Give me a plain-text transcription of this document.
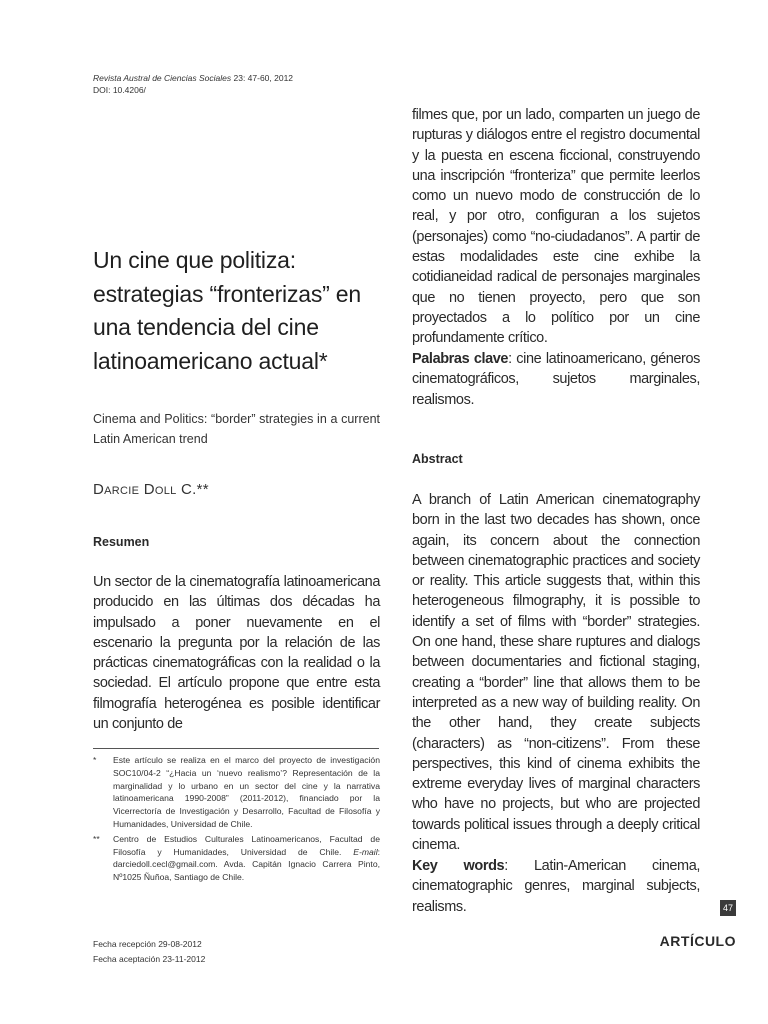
Revista Austral de Ciencias Sociales 23: 47-60, 2012
DOI: 10.4206/
Un cine que politiza: estrategias “fronterizas” en una tendencia del cine latinoamericano actual*
Cinema and Politics: “border” strategies in a current Latin American trend
Darcie Doll C.**
Resumen
Un sector de la cinematografía latinoamericana producido en las últimas dos décadas ha impulsado a poner nuevamente en el escenario la pregunta por la relación de las prácticas cinematográficas con la realidad o la sociedad. El artículo propone que entre esta filmografía heterogénea es posible identificar un conjunto de
*	Este artículo se realiza en el marco del proyecto de investigación SOC10/04-2 “¿Hacia un ‘nuevo realismo’? Representación de la marginalidad y lo urbano en un sector del cine y la narrativa latinoamericana 1990-2008” (2011-2012), financiado por la Vicerrectoría de Investigación y Desarrollo, Facultad de Filosofía y Humanidades, Universidad de Chile.
**	Centro de Estudios Culturales Latinoamericanos, Facultad de Filosofía y Humanidades, Universidad de Chile. E-mail: darciedoll.cecl@gmail.com. Avda. Capitán Ignacio Carrera Pinto, Nº1025 Ñuñoa, Santiago de Chile.
Fecha recepción 29-08-2012
Fecha aceptación 23-11-2012
filmes que, por un lado, comparten un juego de rupturas y diálogos entre el registro documental y la puesta en escena ficcional, construyendo una inscripción “fronteriza” que permite leerlos como un nuevo modo de construcción de lo real, y por otro, configuran a los sujetos (personajes) como “no-ciudadanos”. A partir de estas modalidades este cine exhibe la cotidianeidad radical de personajes marginales que no tienen proyecto, pero que son proyectados a lo político por un cine profundamente crítico.
Palabras clave: cine latinoamericano, géneros cinematográficos, sujetos marginales, realismos.
Abstract
A branch of Latin American cinematography born in the last two decades has shown, once again, its concern about the connection between cinematographic practices and society or reality. This article suggests that, within this heterogeneous filmography, it is possible to identify a set of films with “border” strategies. On one hand, these share ruptures and dialogs between documentaries and fictional staging, creating a “border” line that allows them to be interpreted as a new way of building reality. On the other hand, they create subjects (characters) as “non-citizens”. From these perspectives, this kind of cinema exhibits the extreme everyday lives of marginal characters who have no projects, but who are projected towards political issues through a deeply critical cinema.
Key words: Latin-American cinema, cinematographic genres, marginal subjects, realisms.	47
ARTÍCULO
